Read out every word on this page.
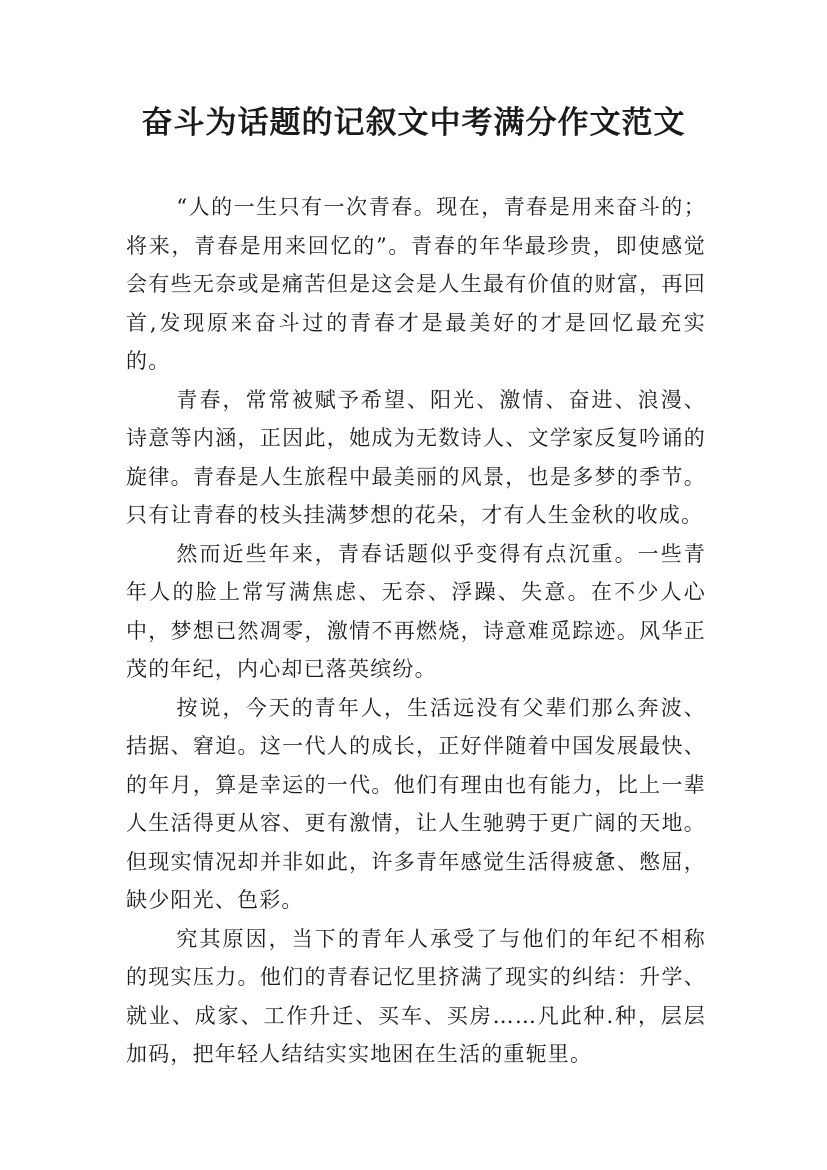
奋斗为话题的记叙文中考满分作文范文

“人的一生只有一次青春。现在，青春是用来奋斗的；将来，青春是用来回忆的”。青春的年华最珍贵，即使感觉会有些无奈或是痛苦但是这会是人生最有价值的财富，再回首,发现原来奋斗过的青春才是最美好的才是回忆最充实的。

青春，常常被赋予希望、阳光、激情、奋进、浪漫、诗意等内涵，正因此，她成为无数诗人、文学家反复吟诵的旋律。青春是人生旅程中最美丽的风景，也是多梦的季节。只有让青春的枝头挂满梦想的花朵，才有人生金秋的收成。

然而近些年来，青春话题似乎变得有点沉重。一些青年人的脸上常写满焦虑、无奈、浮躁、失意。在不少人心中，梦想已然凋零，激情不再燃烧，诗意难觅踪迹。风华正茂的年纪，内心却已落英缤纷。

按说，今天的青年人，生活远没有父辈们那么奔波、拮据、窘迫。这一代人的成长，正好伴随着中国发展最快、的年月，算是幸运的一代。他们有理由也有能力，比上一辈人生活得更从容、更有激情，让人生驰骋于更广阔的天地。但现实情况却并非如此，许多青年感觉生活得疲惫、憋屈，缺少阳光、色彩。

究其原因，当下的青年人承受了与他们的年纪不相称的现实压力。他们的青春记忆里挤满了现实的纠结：升学、就业、成家、工作升迁、买车、买房……凡此种.种，层层加码，把年轻人结结实实地困在生活的重轭里。
